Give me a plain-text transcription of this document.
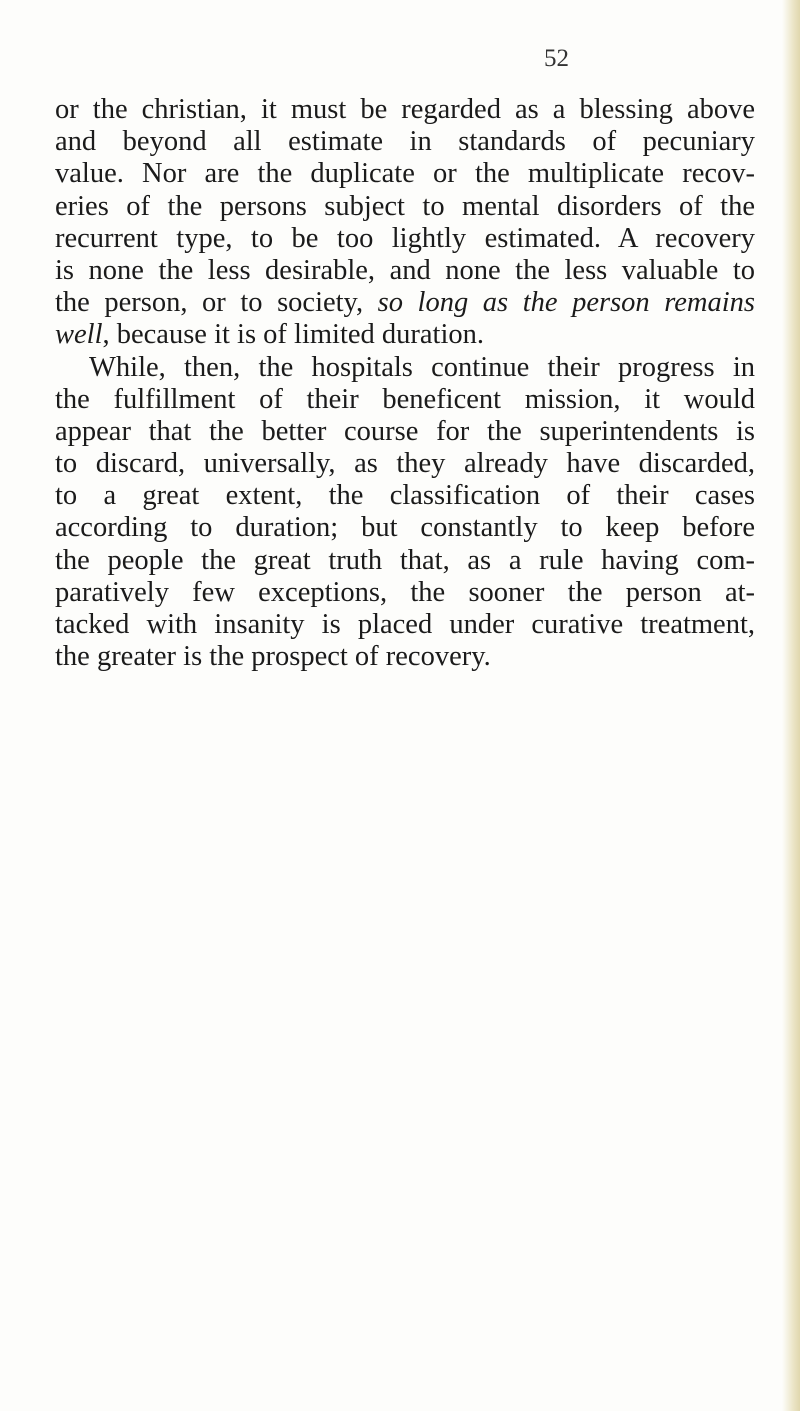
52
or the christian, it must be regarded as a blessing above
and beyond all estimate in standards of pecuniary
value. Nor are the duplicate or the multiplicate recov-
eries of the persons subject to mental disorders of the
recurrent type, to be too lightly estimated. A recovery
is none the less desirable, and none the less valuable to
the person, or to society, so long as the person remains
well, because it is of limited duration.
While, then, the hospitals continue their progress in
the fulfillment of their beneficent mission, it would
appear that the better course for the superintendents is
to discard, universally, as they already have discarded,
to a great extent, the classification of their cases
according to duration; but constantly to keep before
the people the great truth that, as a rule having com-
paratively few exceptions, the sooner the person at-
tacked with insanity is placed under curative treatment,
the greater is the prospect of recovery.
